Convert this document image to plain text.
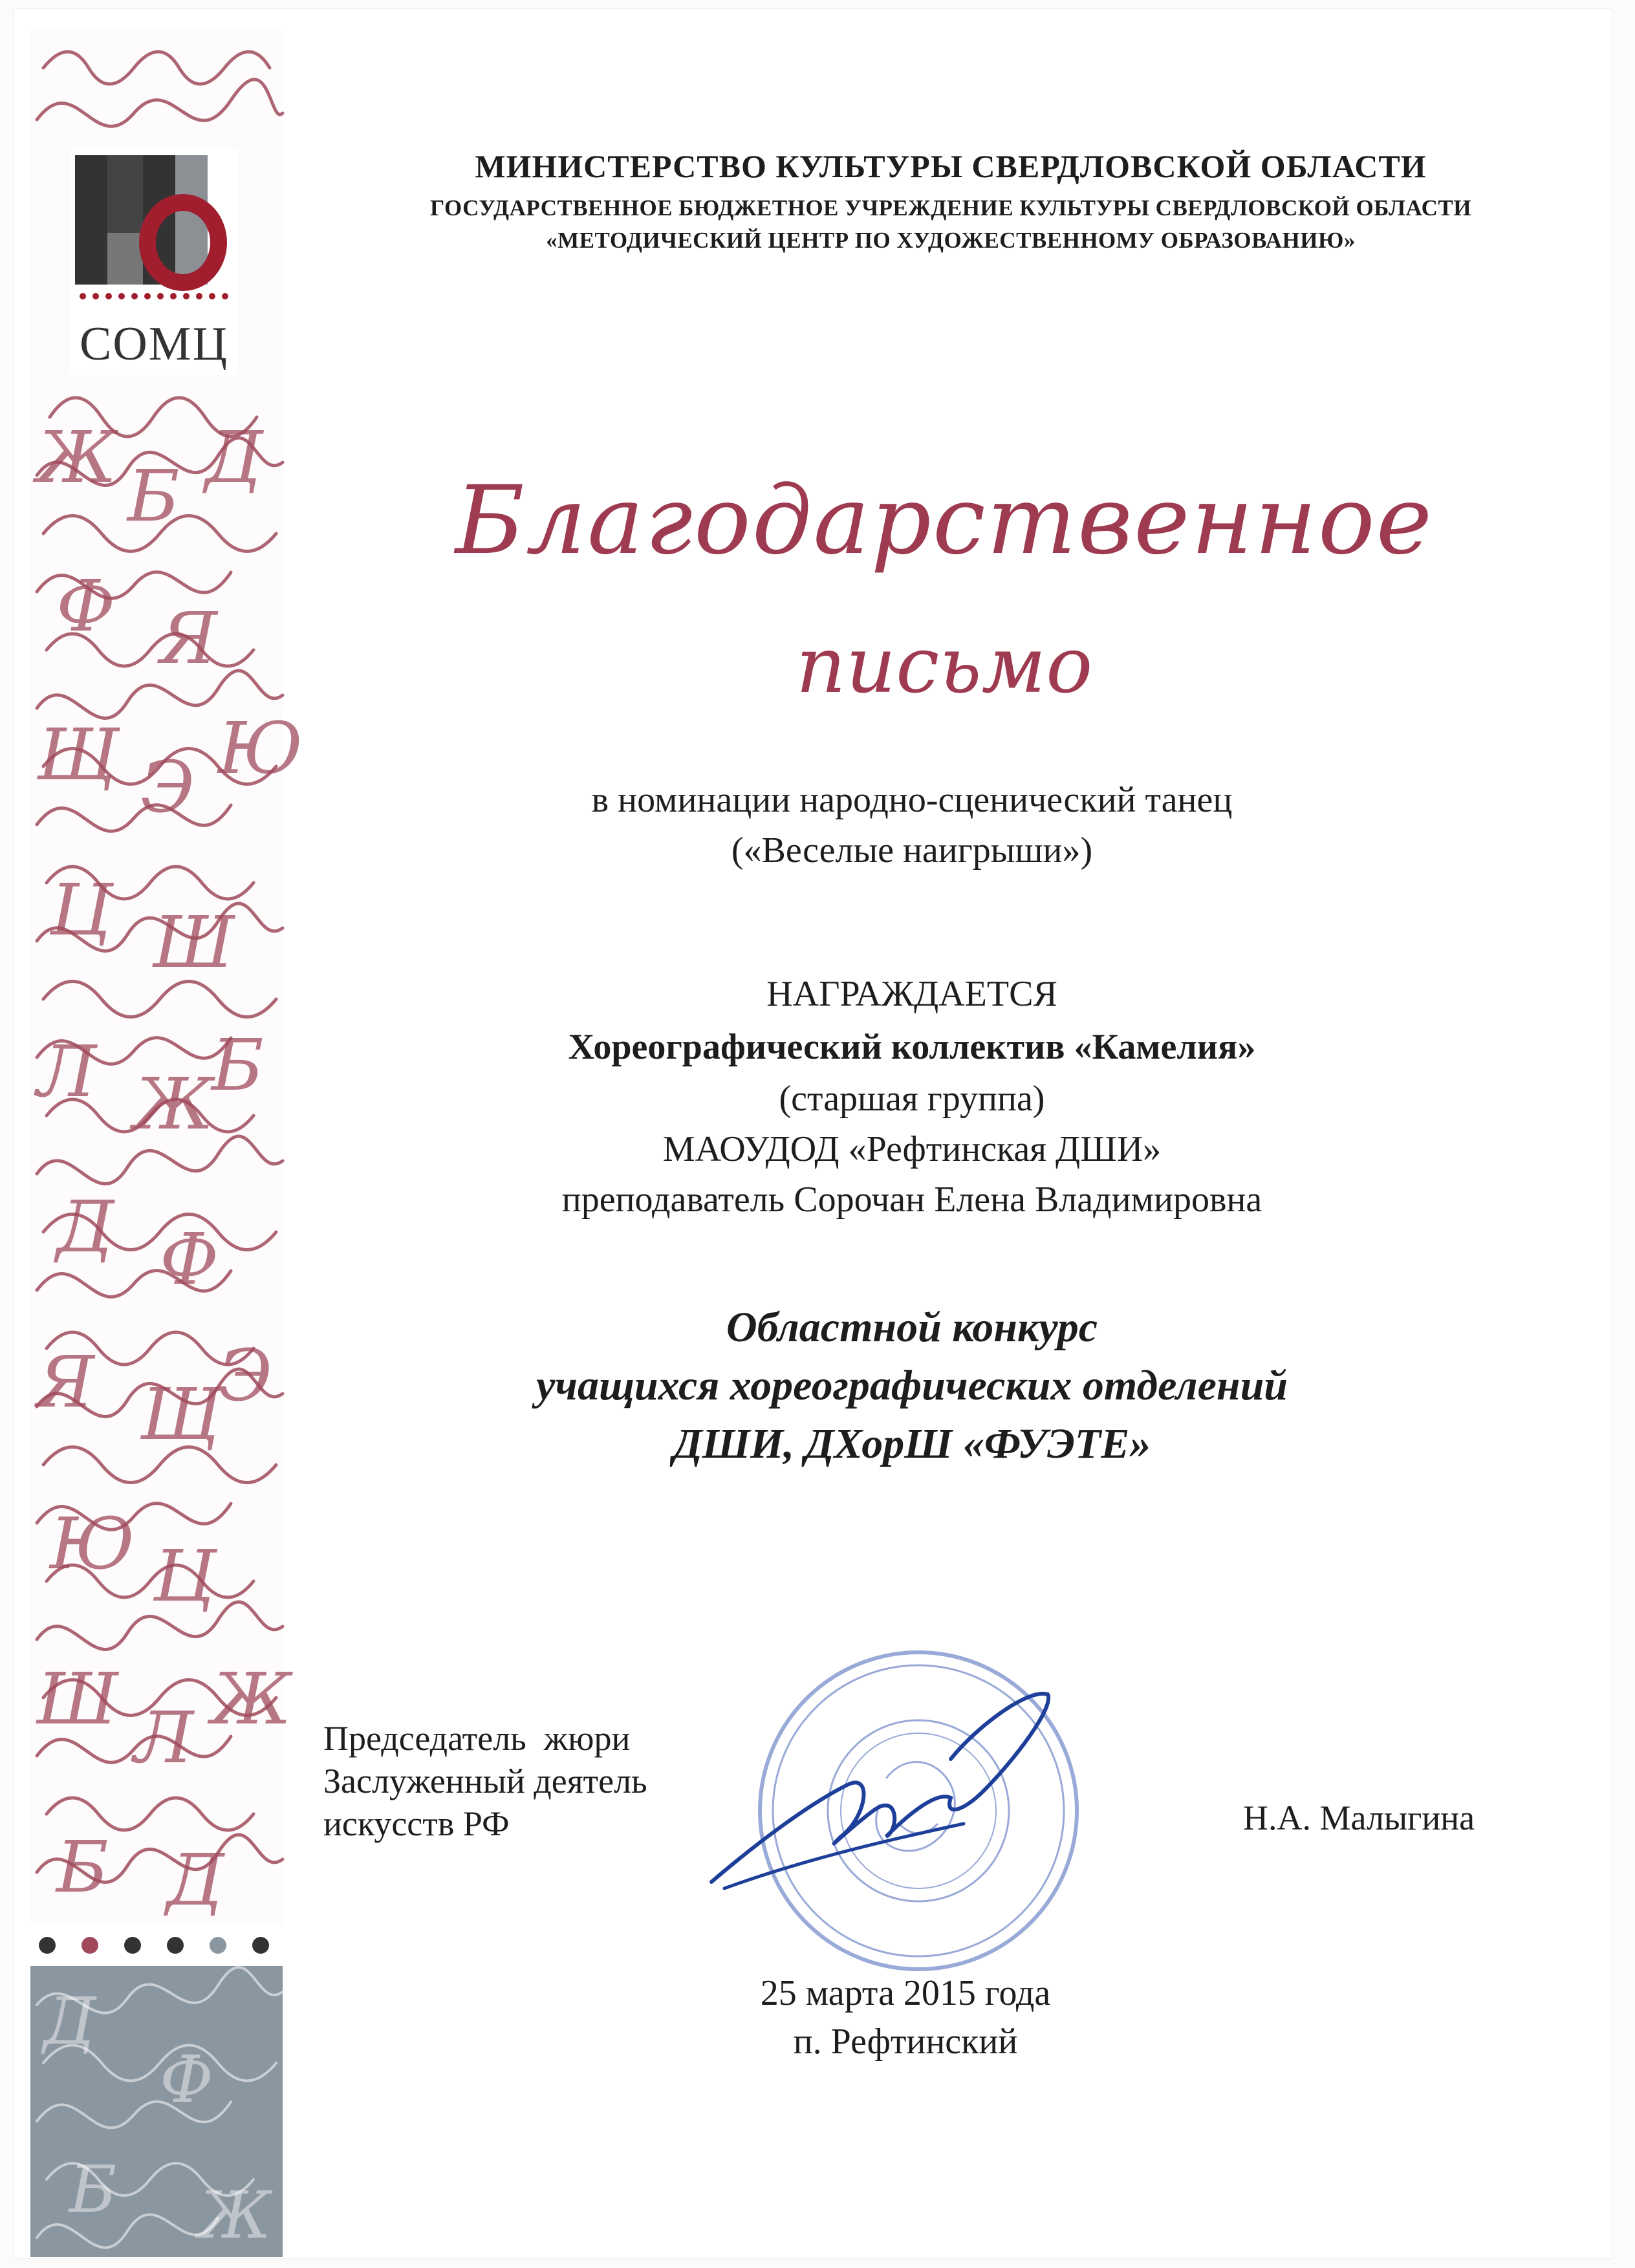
Ж Б Д
Ф Я
Щ Э Ю
Ц Ш
Л Ж
Б
Д Ф
Я Щ
Э
Ю Ц
Ш Л Ж
Б Д
СОМЦ
Д
Ф
Б Ж
МИНИСТЕРСТВО КУЛЬТУРЫ СВЕРДЛОВСКОЙ ОБЛАСТИ
ГОСУДАРСТВЕННОЕ БЮДЖЕТНОЕ УЧРЕЖДЕНИЕ КУЛЬТУРЫ СВЕРДЛОВСКОЙ ОБЛАСТИ
«МЕТОДИЧЕСКИЙ ЦЕНТР ПО ХУДОЖЕСТВЕННОМУ ОБРАЗОВАНИЮ»
Благодарственное
письмо
в номинации народно-сценический танец
(«Веселые наигрыши»)
НАГРАЖДАЕТСЯ
Хореографический коллектив «Камелия»
(старшая группа)
МАОУДОД «Рефтинская ДШИ»
преподаватель Сорочан Елена Владимировна
Областной конкурс
учащихся хореографических отделений
ДШИ, ДХорШ «ФУЭТЕ»
Председатель  жюри
Заслуженный деятель
искусств РФ	Н.А. Малыгина
25 марта 2015 года
п. Рефтинский
